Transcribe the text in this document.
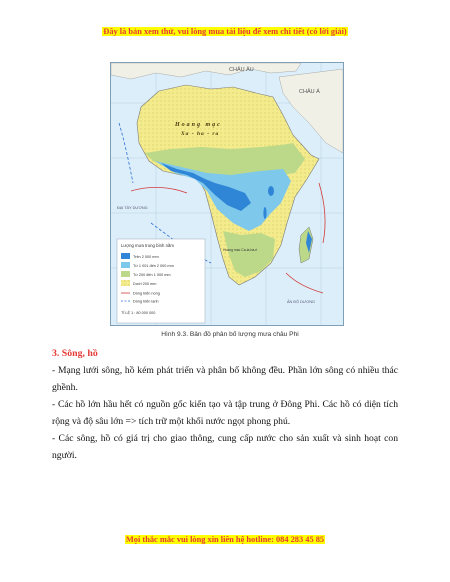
Đây là bản xem thử, vui lòng mua tài liệu để xem chi tiết (có lời giải)
Lượng mưa trung bình năm
Trên 2 000 mm
Từ 1 001 đến 2 000 mm
Từ 200 đến 1 000 mm
Dưới 200 mm
Dòng biển nóng
Dòng biển lạnh
TỈ LỆ 1 : 80 000 000
CHÂU ÂU
CHÂU Á
Hoang mạc
Xa - ha - ra
Hoang mạc Ca-la-ha-ri
ĐẠI TÂY DƯƠNG
ẤN ĐỘ DƯƠNG
Hình 9.3. Bản đồ phân bố lượng mưa châu Phi
3. Sông, hồ
- Mạng lưới sông, hồ kém phát triển và phân bố không đều. Phần lớn sông có nhiều thác ghềnh.
- Các hồ lớn hầu hết có nguồn gốc kiến tạo và tập trung ở Đông Phi. Các hồ có diện tích rộng và độ sâu lớn => tích trữ một khối nước ngọt phong phú.
- Các sông, hồ có giá trị cho giao thông, cung cấp nước cho sản xuất và sinh hoạt con người.
Mọi thắc mắc vui lòng xin liên hệ hotline: 084 283 45 85
